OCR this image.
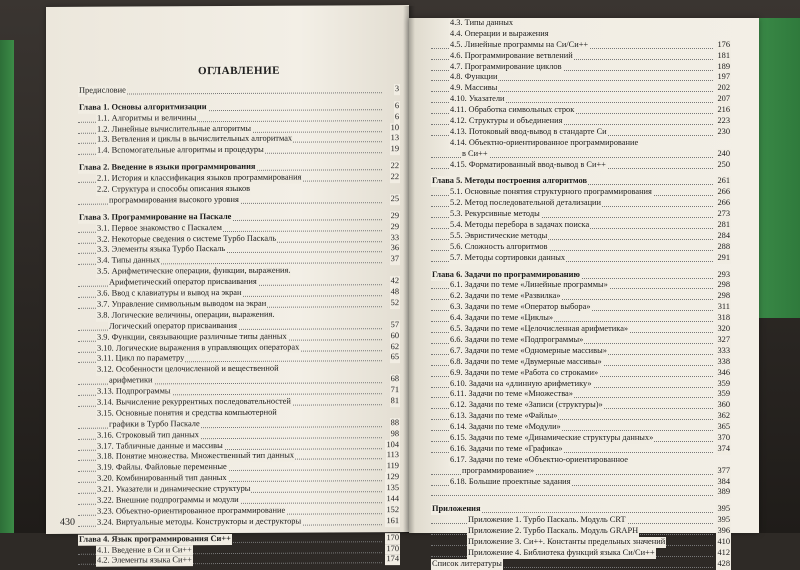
ОГЛАВЛЕНИЕ
Предисловие	3
Глава 1. Основы алгоритмизации	6
1.1. Алгоритмы и величины	6
1.2. Линейные вычислительные алгоритмы	10
1.3. Ветвления и циклы в вычислительных алгоритмах	13
1.4. Вспомогательные алгоритмы и процедуры	19
Глава 2. Введение в языки программирования	22
2.1. История и классификация языков программирования	22
2.2. Структура и способы описания языков
программирования высокого уровня	25
Глава 3. Программирование на Паскале	29
3.1. Первое знакомство с Паскалем	29
3.2. Некоторые сведения о системе Турбо Паскаль	33
3.3. Элементы языка Турбо Паскаль	36
3.4. Типы данных	37
3.5. Арифметические операции, функции, выражения.
Арифметический оператор присваивания	42
3.6. Ввод с клавиатуры и вывод на экран	48
3.7. Управление символьным выводом на экран	52
3.8. Логические величины, операции, выражения.
Логический оператор присваивания	57
3.9. Функции, связывающие различные типы данных	60
3.10. Логические выражения в управляющих операторах	62
3.11. Цикл по параметру	65
3.12. Особенности целочисленной и вещественной
арифметики	68
3.13. Подпрограммы	71
3.14. Вычисление рекуррентных последовательностей	81
3.15. Основные понятия и средства компьютерной
графики в Турбо Паскале	88
3.16. Строковый тип данных	98
3.17. Табличные данные и массивы	104
3.18. Понятие множества. Множественный тип данных	113
3.19. Файлы. Файловые переменные	119
3.20. Комбинированный тип данных	129
3.21. Указатели и динамические структуры	135
3.22. Внешние подпрограммы и модули	144
3.23. Объектно-ориентированное программирование	152
3.24. Виртуальные методы. Конструкторы и деструкторы	161
Глава 4. Язык программирования Си++	170
4.1. Введение в Си и Си++	170
4.2. Элементы языка Си++	174
430
4.3. Типы данных
4.4. Операции и выражения
4.5. Линейные программы на Си/Си++	176
4.6. Программирование ветвлений	181
4.7. Программирование циклов	189
4.8. Функции	197
4.9. Массивы	202
4.10. Указатели	207
4.11. Обработка символьных строк	216
4.12. Структуры и объединения	223
4.13. Потоковый ввод-вывод в стандарте Си	230
4.14. Объектно-ориентированное программирование
в Си++	240
4.15. Форматированный ввод-вывод в Си++	250
Глава 5. Методы построения алгоритмов	261
5.1. Основные понятия структурного программирования	266
5.2. Метод последовательной детализации	266
5.3. Рекурсивные методы	273
5.4. Методы перебора в задачах поиска	281
5.5. Эвристические методы	284
5.6. Сложность алгоритмов	288
5.7. Методы сортировки данных	291
Глава 6. Задачи по программированию	293
6.1. Задачи по теме «Линейные программы»	298
6.2. Задачи по теме «Развилка»	298
6.3. Задачи по теме «Оператор выбора»	311
6.4. Задачи по теме «Циклы»	318
6.5. Задачи по теме «Целочисленная арифметика»	320
6.6. Задачи по теме «Подпрограммы»	327
6.7. Задачи по теме «Одномерные массивы»	333
6.8. Задачи по теме «Двумерные массивы»	338
6.9. Задачи по теме «Работа со строками»	346
6.10. Задачи на «длинную арифметику»	359
6.11. Задачи по теме «Множества»	359
6.12. Задачи по теме «Записи (структуры)»	360
6.13. Задачи по теме «Файлы»	362
6.14. Задачи по теме «Модули»	365
6.15. Задачи по теме «Динамические структуры данных»	370
6.16. Задачи по теме «Графика»	374
6.17. Задачи по теме «Объектно-ориентированное
программирование»	377
6.18. Большие проектные задания	384
389
Приложения	395
Приложение 1. Турбо Паскаль. Модуль CRT	395
Приложение 2. Турбо Паскаль. Модуль GRAPH	396
Приложение 3. Си++. Константы предельных значений	410
Приложение 4. Библиотека функций языка Си/Си++	412
Список литературы	428
